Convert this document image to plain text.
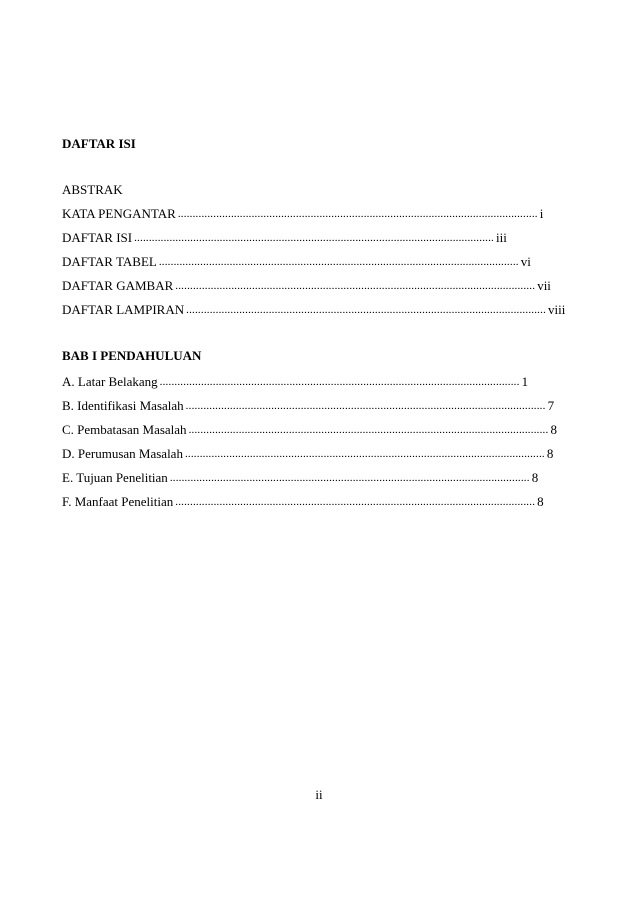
DAFTAR ISI
ABSTRAK
KATA PENGANTAR .......................................................................................................................... i
DAFTAR ISI .......................................................................................................................... iii
DAFTAR TABEL .......................................................................................................................... vi
DAFTAR GAMBAR .......................................................................................................................... vii
DAFTAR LAMPIRAN .......................................................................................................................... viii
BAB I PENDAHULUAN
A. Latar Belakang .......................................................................................................................... 1
B. Identifikasi Masalah .......................................................................................................................... 7
C. Pembatasan Masalah .......................................................................................................................... 8
D. Perumusan Masalah .......................................................................................................................... 8
E. Tujuan Penelitian .......................................................................................................................... 8
F. Manfaat Penelitian .......................................................................................................................... 8
ii
